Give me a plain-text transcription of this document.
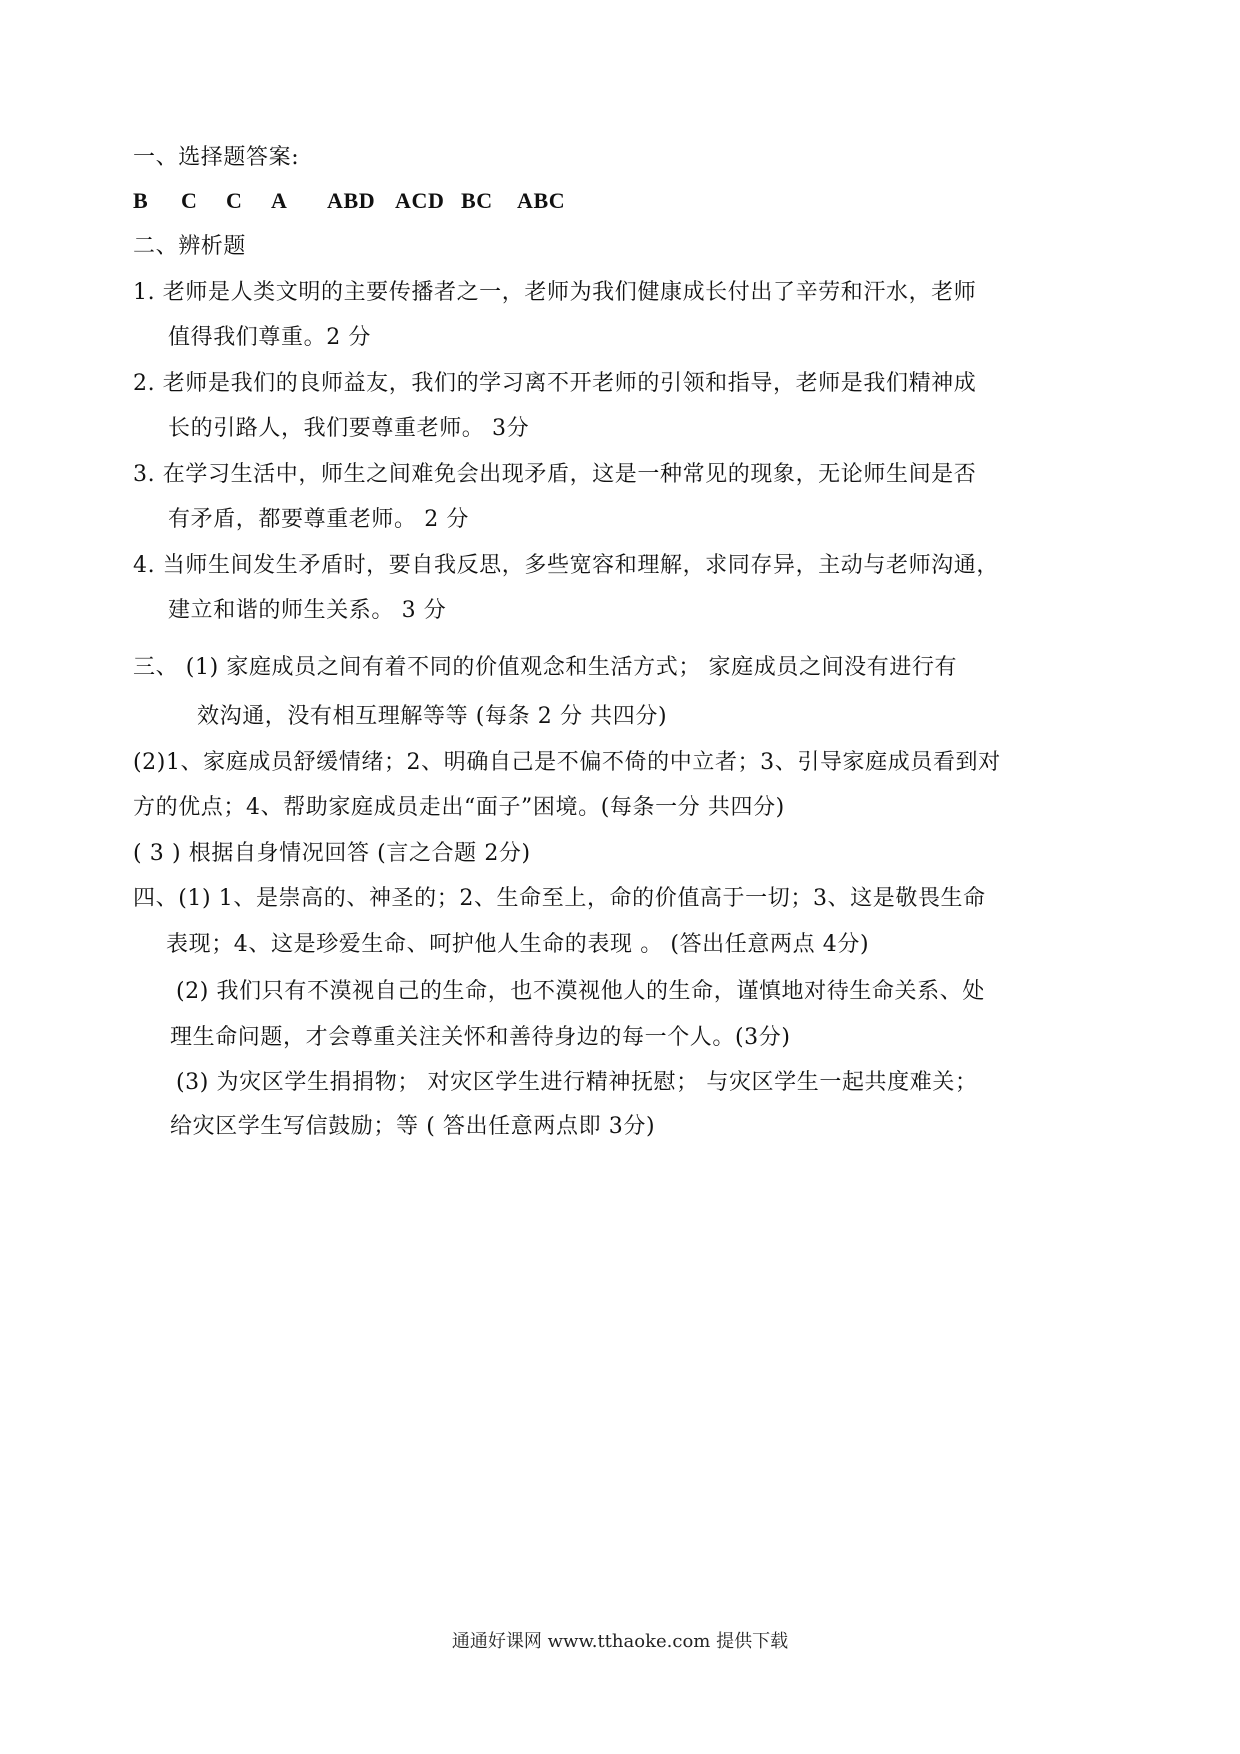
一、选择题答案:
B	C	C	A	ABD ACD BC	ABC
二、辨析题
1. 老师是人类文明的主要传播者之一，老师为我们健康成长付出了辛劳和汗水，老师
值得我们尊重。2 分
2. 老师是我们的良师益友，我们的学习离不开老师的引领和指导，老师是我们精神成
长的引路人，我们要尊重老师。 3分
3. 在学习生活中，师生之间难免会出现矛盾，这是一种常见的现象，无论师生间是否
有矛盾，都要尊重老师。 2 分
4. 当师生间发生矛盾时，要自我反思，多些宽容和理解，求同存异，主动与老师沟通，
建立和谐的师生关系。 3 分
三、 (1) 家庭成员之间有着不同的价值观念和生活方式； 家庭成员之间没有进行有
效沟通，没有相互理解等等 (每条 2 分 共四分)
(2)1、家庭成员舒缓情绪；2、明确自己是不偏不倚的中立者；3、引导家庭成员看到对
方的优点；4、帮助家庭成员走出“面子”困境。(每条一分 共四分)
( 3 ) 根据自身情况回答 (言之合题 2分)
四、(1) 1、是崇高的、神圣的；2、生命至上，命的价值高于一切；3、这是敬畏生命
表现；4、这是珍爱生命、呵护他人生命的表现 。 (答出任意两点 4分)
(2) 我们只有不漠视自己的生命，也不漠视他人的生命，谨慎地对待生命关系、处
理生命问题，才会尊重关注关怀和善待身边的每一个人。(3分)
(3) 为灾区学生捐捐物； 对灾区学生进行精神抚慰； 与灾区学生一起共度难关；
给灾区学生写信鼓励；等 ( 答出任意两点即 3分)
通通好课网 www.tthaoke.com 提供下载
